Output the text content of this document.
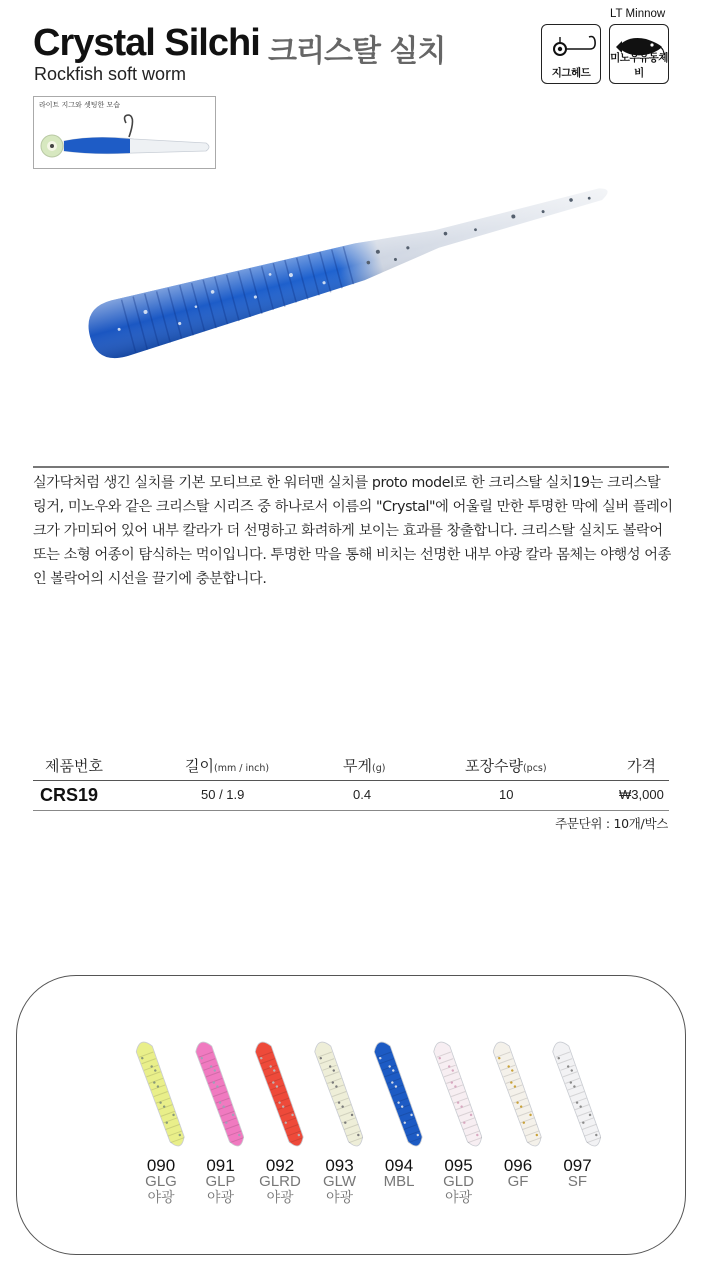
Crystal Silchi 크리스탈 실치
Rockfish soft worm
LT Minnow
지그헤드
미노우유동체비
라이트 지그와 셋팅한 모습
실가닥처럼 생긴 실치를 기본 모티브로 한 워터맨 실치를 proto model로 한 크리스탈 실치19는 크리스탈 링거, 미노우와 같은 크리스탈 시리즈 중 하나로서 이름의 "Crystal"에 어울릴 만한 투명한 막에 실버 플레이크가 가미되어 있어 내부 칼라가 더 선명하고 화려하게 보이는 효과를 창출합니다. 크리스탈 실치도 볼락어 또는 소형 어종이 탐식하는 먹이입니다. 투명한 막을 통해 비치는 선명한 내부 야광 칼라 몸체는 야행성 어종인 볼락어의 시선을 끌기에 충분합니다.
제품번호	길이(mm / inch)	무게(g)	포장수량(pcs)	가격
CRS19	50 / 1.9	0.4	10	₩3,000
주문단위 : 10개/박스
090
GLG
야광
091
GLP
야광
092
GLRD
야광
093
GLW
야광
094
MBL
095
GLD
야광
096
GF
097
SF
